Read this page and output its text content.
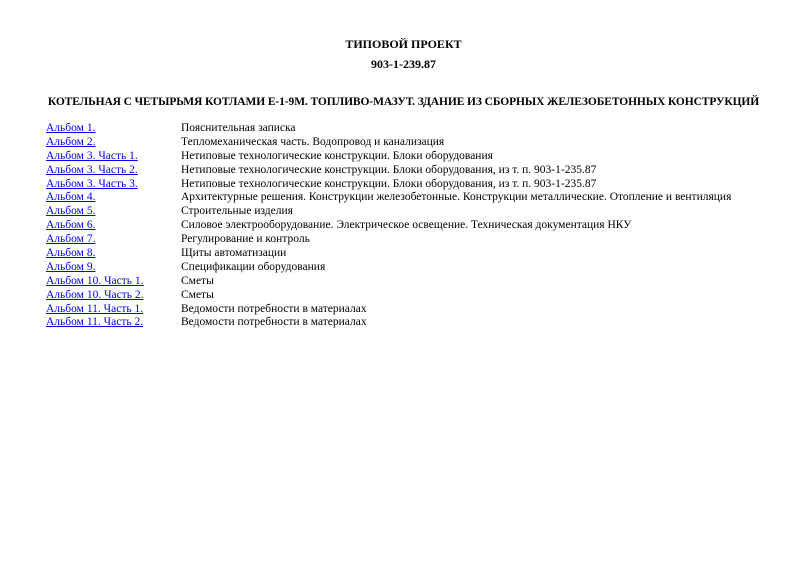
ТИПОВОЙ ПРОЕКТ
903-1-239.87
КОТЕЛЬНАЯ С ЧЕТЫРЬМЯ КОТЛАМИ Е-1-9М. ТОПЛИВО-МАЗУТ. ЗДАНИЕ ИЗ СБОРНЫХ ЖЕЛЕЗОБЕТОННЫХ КОНСТРУКЦИЙ
Альбом 1.	Пояснительная записка
Альбом 2.	Тепломеханическая часть. Водопровод и канализация
Альбом 3. Часть 1.	Нетиповые технологические конструкции. Блоки оборудования
Альбом 3. Часть 2.	Нетиповые технологические конструкции. Блоки оборудования, из т. п. 903-1-235.87
Альбом 3. Часть 3.	Нетиповые технологические конструкции. Блоки оборудования, из т. п. 903-1-235.87
Альбом 4.	Архитектурные решения. Конструкции железобетонные. Конструкции металлические. Отопление и вентиляция
Альбом 5.	Строительные изделия
Альбом 6.	Силовое электрооборудование. Электрическое освещение. Техническая документация НКУ
Альбом 7.	Регулирование и контроль
Альбом 8.	Щиты автоматизации
Альбом 9.	Спецификации оборудования
Альбом 10. Часть 1.	Сметы
Альбом 10. Часть 2.	Сметы
Альбом 11. Часть 1.	Ведомости потребности в материалах
Альбом 11. Часть 2.	Ведомости потребности в материалах
